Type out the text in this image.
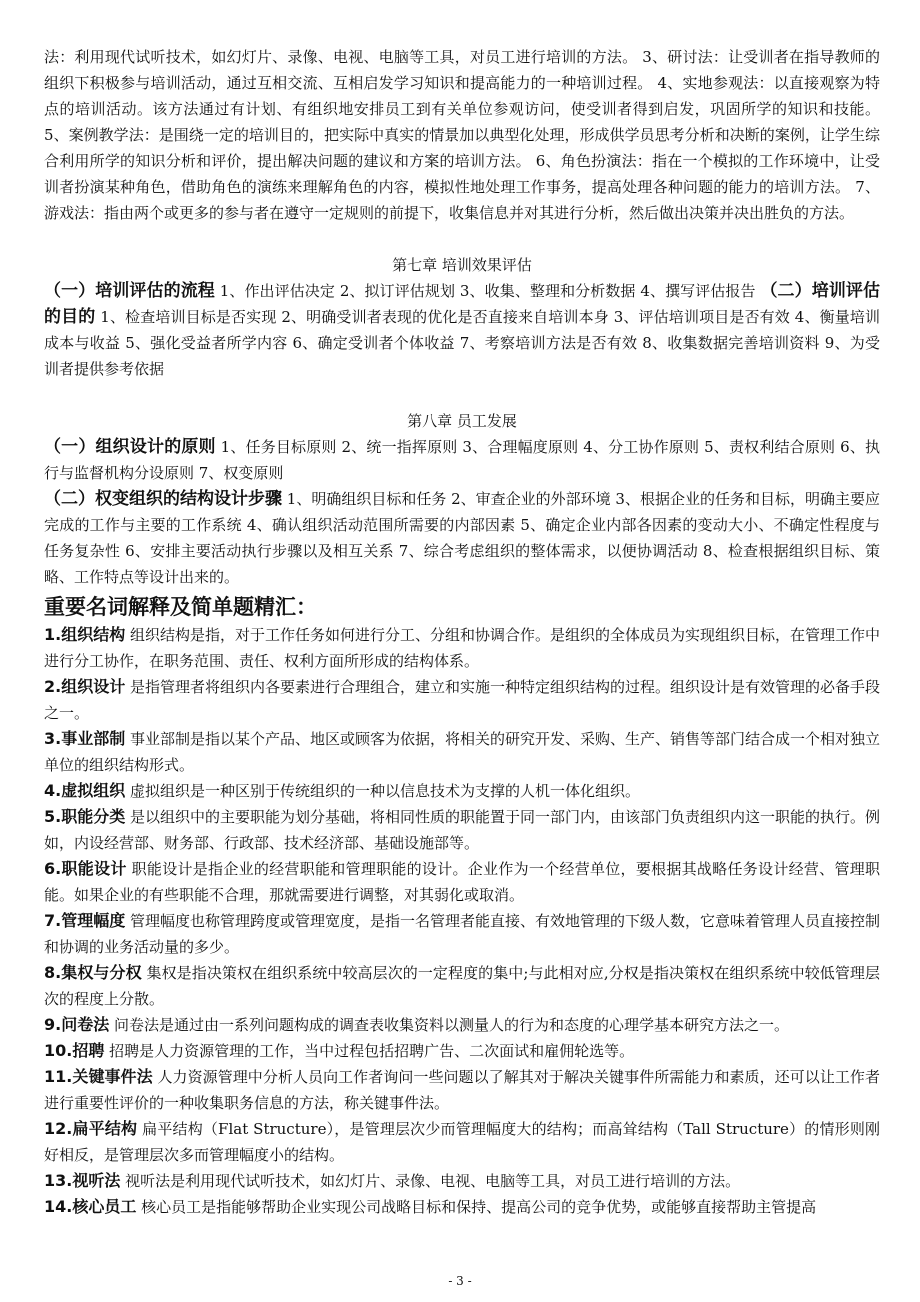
法：利用现代试听技术，如幻灯片、录像、电视、电脑等工具，对员工进行培训的方法。 3、研讨法：让受训者在指导教师的组织下积极参与培训活动，通过互相交流、互相启发学习知识和提高能力的一种培训过程。 4、实地参观法：以直接观察为特点的培训活动。该方法通过有计划、有组织地安排员工到有关单位参观访问，使受训者得到启发，巩固所学的知识和技能。 5、案例教学法：是围绕一定的培训目的，把实际中真实的情景加以典型化处理，形成供学员思考分析和决断的案例，让学生综合利用所学的知识分析和评价，提出解决问题的建议和方案的培训方法。 6、角色扮演法：指在一个模拟的工作环境中，让受训者扮演某种角色，借助角色的演练来理解角色的内容，模拟性地处理工作事务，提高处理各种问题的能力的培训方法。 7、游戏法：指由两个或更多的参与者在遵守一定规则的前提下，收集信息并对其进行分析，然后做出决策并决出胜负的方法。

第七章 培训效果评估

（一）培训评估的流程 1、作出评估决定 2、拟订评估规划 3、收集、整理和分析数据 4、撰写评估报告 （二）培训评估的目的 1、检查培训目标是否实现 2、明确受训者表现的优化是否直接来自培训本身 3、评估培训项目是否有效 4、衡量培训成本与收益 5、强化受益者所学内容 6、确定受训者个体收益 7、考察培训方法是否有效 8、收集数据完善培训资料 9、为受训者提供参考依据

第八章 员工发展

（一）组织设计的原则 1、任务目标原则 2、统一指挥原则 3、合理幅度原则 4、分工协作原则 5、责权利结合原则 6、执行与监督机构分设原则 7、权变原则

（二）权变组织的结构设计步骤 1、明确组织目标和任务 2、审查企业的外部环境 3、根据企业的任务和目标，明确主要应完成的工作与主要的工作系统 4、确认组织活动范围所需要的内部因素 5、确定企业内部各因素的变动大小、不确定性程度与任务复杂性 6、安排主要活动执行步骤以及相互关系 7、综合考虑组织的整体需求，以便协调活动 8、检查根据组织目标、策略、工作特点等设计出来的。

重要名词解释及简单题精汇：

1.组织结构 组织结构是指，对于工作任务如何进行分工、分组和协调合作。是组织的全体成员为实现组织目标，在管理工作中进行分工协作，在职务范围、责任、权利方面所形成的结构体系。

2.组织设计 是指管理者将组织内各要素进行合理组合，建立和实施一种特定组织结构的过程。组织设计是有效管理的必备手段之一。

3.事业部制 事业部制是指以某个产品、地区或顾客为依据，将相关的研究开发、采购、生产、销售等部门结合成一个相对独立单位的组织结构形式。

4.虚拟组织 虚拟组织是一种区别于传统组织的一种以信息技术为支撑的人机一体化组织。

5.职能分类 是以组织中的主要职能为划分基础，将相同性质的职能置于同一部门内，由该部门负责组织内这一职能的执行。例如，内设经营部、财务部、行政部、技术经济部、基础设施部等。

6.职能设计 职能设计是指企业的经营职能和管理职能的设计。企业作为一个经营单位，要根据其战略任务设计经营、管理职能。如果企业的有些职能不合理，那就需要进行调整，对其弱化或取消。

7.管理幅度 管理幅度也称管理跨度或管理宽度，是指一名管理者能直接、有效地管理的下级人数，它意味着管理人员直接控制和协调的业务活动量的多少。

8.集权与分权 集权是指决策权在组织系统中较高层次的一定程度的集中;与此相对应,分权是指决策权在组织系统中较低管理层次的程度上分散。

9.问卷法 问卷法是通过由一系列问题构成的调查表收集资料以测量人的行为和态度的心理学基本研究方法之一。

10.招聘 招聘是人力资源管理的工作，当中过程包括招聘广告、二次面试和雇佣轮选等。

11.关键事件法 人力资源管理中分析人员向工作者询问一些问题以了解其对于解决关键事件所需能力和素质，还可以让工作者进行重要性评价的一种收集职务信息的方法，称关键事件法。

12.扁平结构 扁平结构（Flat Structure），是管理层次少而管理幅度大的结构；而高耸结构（Tall Structure）的情形则刚好相反，是管理层次多而管理幅度小的结构。

13.视听法 视听法是利用现代试听技术，如幻灯片、录像、电视、电脑等工具，对员工进行培训的方法。

14.核心员工 核心员工是指能够帮助企业实现公司战略目标和保持、提高公司的竞争优势，或能够直接帮助主管提高

- 3 -
